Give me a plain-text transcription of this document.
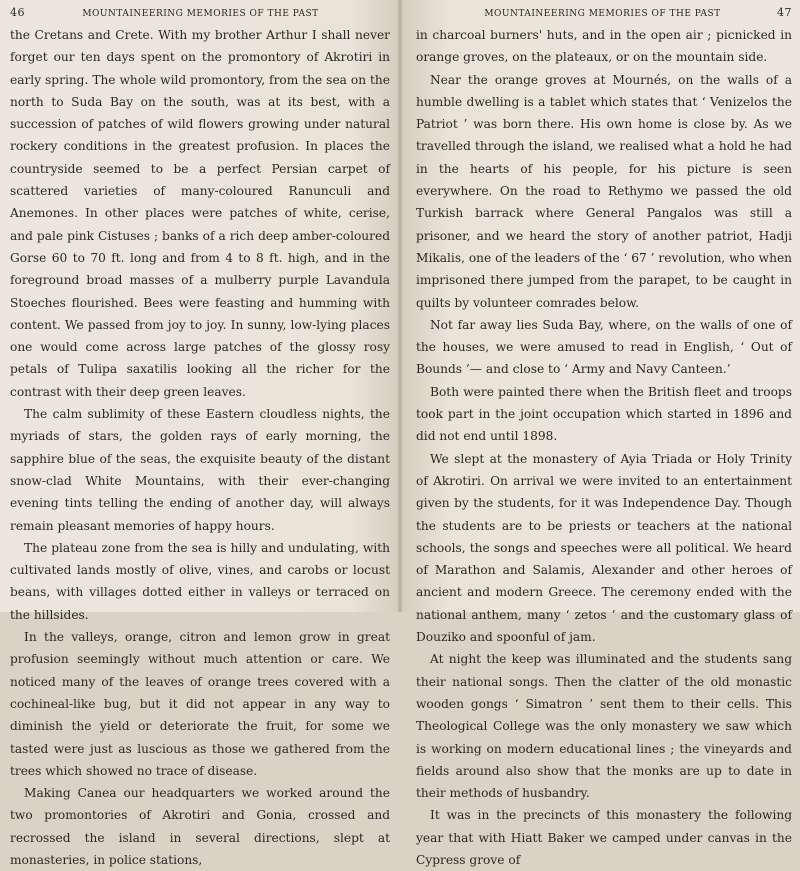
46	MOUNTAINEERING MEMORIES OF THE PAST

the Cretans and Crete. With my brother Arthur I shall never forget our ten days spent on the promontory of Akrotiri in early spring. The whole wild promontory, from the sea on the north to Suda Bay on the south, was at its best, with a succession of patches of wild flowers growing under natural rockery conditions in the greatest profusion. In places the countryside seemed to be a perfect Persian carpet of scattered varieties of many-coloured Ranunculi and Anemones. In other places were patches of white, cerise, and pale pink Cistuses ; banks of a rich deep amber-coloured Gorse 60 to 70 ft. long and from 4 to 8 ft. high, and in the foreground broad masses of a mulberry purple Lavandula Stoeches flourished. Bees were feasting and humming with content. We passed from joy to joy. In sunny, low-lying places one would come across large patches of the glossy rosy petals of Tulipa saxatilis looking all the richer for the contrast with their deep green leaves.

The calm sublimity of these Eastern cloudless nights, the myriads of stars, the golden rays of early morning, the sapphire blue of the seas, the exquisite beauty of the distant snow-clad White Mountains, with their ever-changing evening tints telling the ending of another day, will always remain pleasant memories of happy hours.

The plateau zone from the sea is hilly and undulating, with cultivated lands mostly of olive, vines, and carobs or locust beans, with villages dotted either in valleys or terraced on the hillsides.

In the valleys, orange, citron and lemon grow in great profusion seemingly without much attention or care. We noticed many of the leaves of orange trees covered with a cochineal-like bug, but it did not appear in any way to diminish the yield or deteriorate the fruit, for some we tasted were just as luscious as those we gathered from the trees which showed no trace of disease.

Making Canea our headquarters we worked around the two promontories of Akrotiri and Gonia, crossed and recrossed the island in several directions, slept at monasteries, in police stations,

MOUNTAINEERING MEMORIES OF THE PAST	47

in charcoal burners' huts, and in the open air ; picnicked in orange groves, on the plateaux, or on the mountain side.

Near the orange groves at Mournés, on the walls of a humble dwelling is a tablet which states that ‘ Venizelos the Patriot ’ was born there. His own home is close by. As we travelled through the island, we realised what a hold he had in the hearts of his people, for his picture is seen everywhere. On the road to Rethymo we passed the old Turkish barrack where General Pangalos was still a prisoner, and we heard the story of another patriot, Hadji Mikalis, one of the leaders of the ‘ 67 ’ revolution, who when imprisoned there jumped from the parapet, to be caught in quilts by volunteer comrades below.

Not far away lies Suda Bay, where, on the walls of one of the houses, we were amused to read in English, ‘ Out of Bounds ’— and close to ‘ Army and Navy Canteen.’

Both were painted there when the British fleet and troops took part in the joint occupation which started in 1896 and did not end until 1898.

We slept at the monastery of Ayia Triada or Holy Trinity of Akrotiri. On arrival we were invited to an entertainment given by the students, for it was Independence Day. Though the students are to be priests or teachers at the national schools, the songs and speeches were all political. We heard of Marathon and Salamis, Alexander and other heroes of ancient and modern Greece. The ceremony ended with the national anthem, many ‘ zetos ’ and the customary glass of Douziko and spoonful of jam.

At night the keep was illuminated and the students sang their national songs. Then the clatter of the old monastic wooden gongs ‘ Simatron ’ sent them to their cells. This Theological College was the only monastery we saw which is working on modern educational lines ; the vineyards and fields around also show that the monks are up to date in their methods of husbandry.

It was in the precincts of this monastery the following year that with Hiatt Baker we camped under canvas in the Cypress grove of
